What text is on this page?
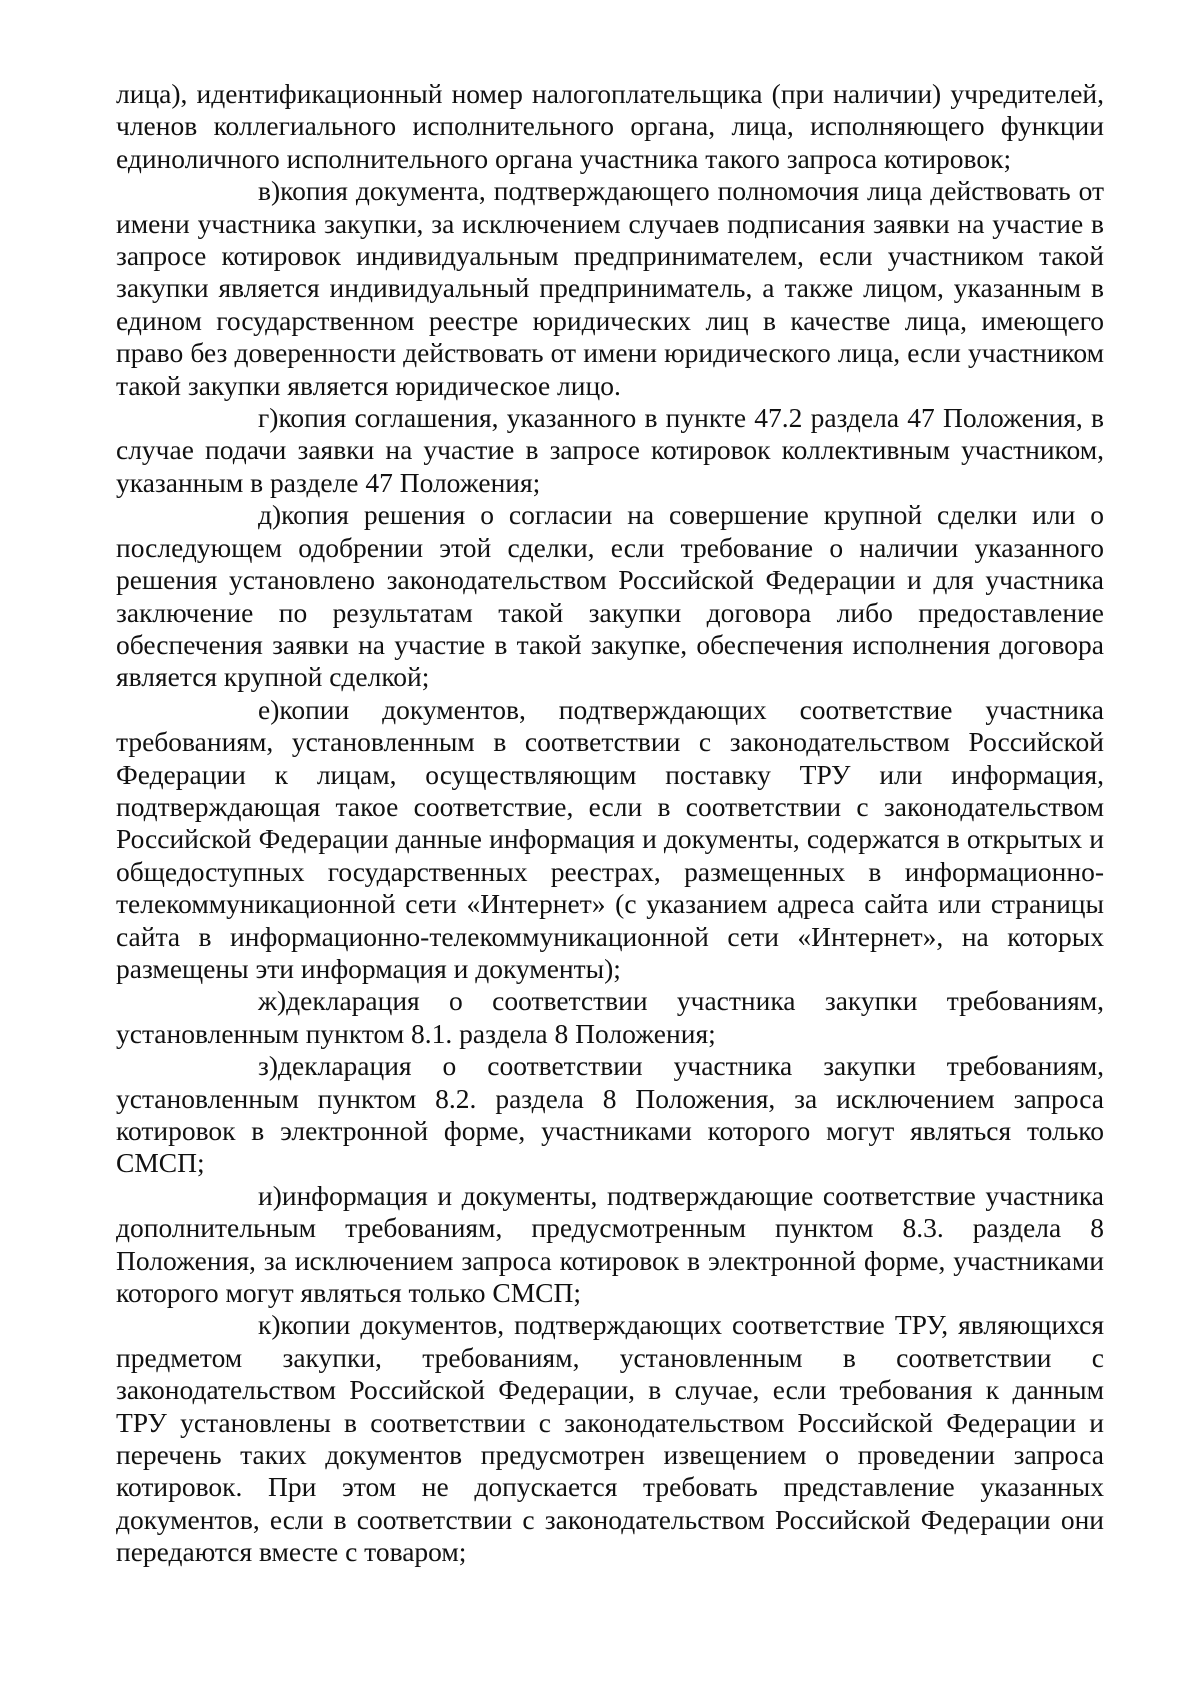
лица), идентификационный номер налогоплательщика (при наличии) учредителей, членов коллегиального исполнительного органа, лица, исполняющего функции единоличного исполнительного органа участника такого запроса котировок;

в)копия документа, подтверждающего полномочия лица действовать от имени участника закупки, за исключением случаев подписания заявки на участие в запросе котировок индивидуальным предпринимателем, если участником такой закупки является индивидуальный предприниматель, а также лицом, указанным в едином государственном реестре юридических лиц в качестве лица, имеющего право без доверенности действовать от имени юридического лица, если участником такой закупки является юридическое лицо.

г)копия соглашения, указанного в пункте 47.2 раздела 47 Положения, в случае подачи заявки на участие в запросе котировок коллективным участником, указанным в разделе 47 Положения;

д)копия решения о согласии на совершение крупной сделки или о последующем одобрении этой сделки, если требование о наличии указанного решения установлено законодательством Российской Федерации и для участника заключение по результатам такой закупки договора либо предоставление обеспечения заявки на участие в такой закупке, обеспечения исполнения договора является крупной сделкой;

е)копии документов, подтверждающих соответствие участника требованиям, установленным в соответствии с законодательством Российской Федерации к лицам, осуществляющим поставку ТРУ или информация, подтверждающая такое соответствие, если в соответствии с законодательством Российской Федерации данные информация и документы, содержатся в открытых и общедоступных государственных реестрах, размещенных в информационно-телекоммуникационной сети «Интернет» (с указанием адреса сайта или страницы сайта в информационно-телекоммуникационной сети «Интернет», на которых размещены эти информация и документы);

ж)декларация о соответствии участника закупки требованиям, установленным пунктом 8.1. раздела 8 Положения;

з)декларация о соответствии участника закупки требованиям, установленным пунктом 8.2. раздела 8 Положения, за исключением запроса котировок в электронной форме, участниками которого могут являться только СМСП;

и)информация и документы, подтверждающие соответствие участника дополнительным требованиям, предусмотренным пунктом 8.3. раздела 8 Положения, за исключением запроса котировок в электронной форме, участниками которого могут являться только СМСП;

к)копии документов, подтверждающих соответствие ТРУ, являющихся предметом закупки, требованиям, установленным в соответствии с законодательством Российской Федерации, в случае, если требования к данным ТРУ установлены в соответствии с законодательством Российской Федерации и перечень таких документов предусмотрен извещением о проведении запроса котировок. При этом не допускается требовать представление указанных документов, если в соответствии с законодательством Российской Федерации они передаются вместе с товаром;
